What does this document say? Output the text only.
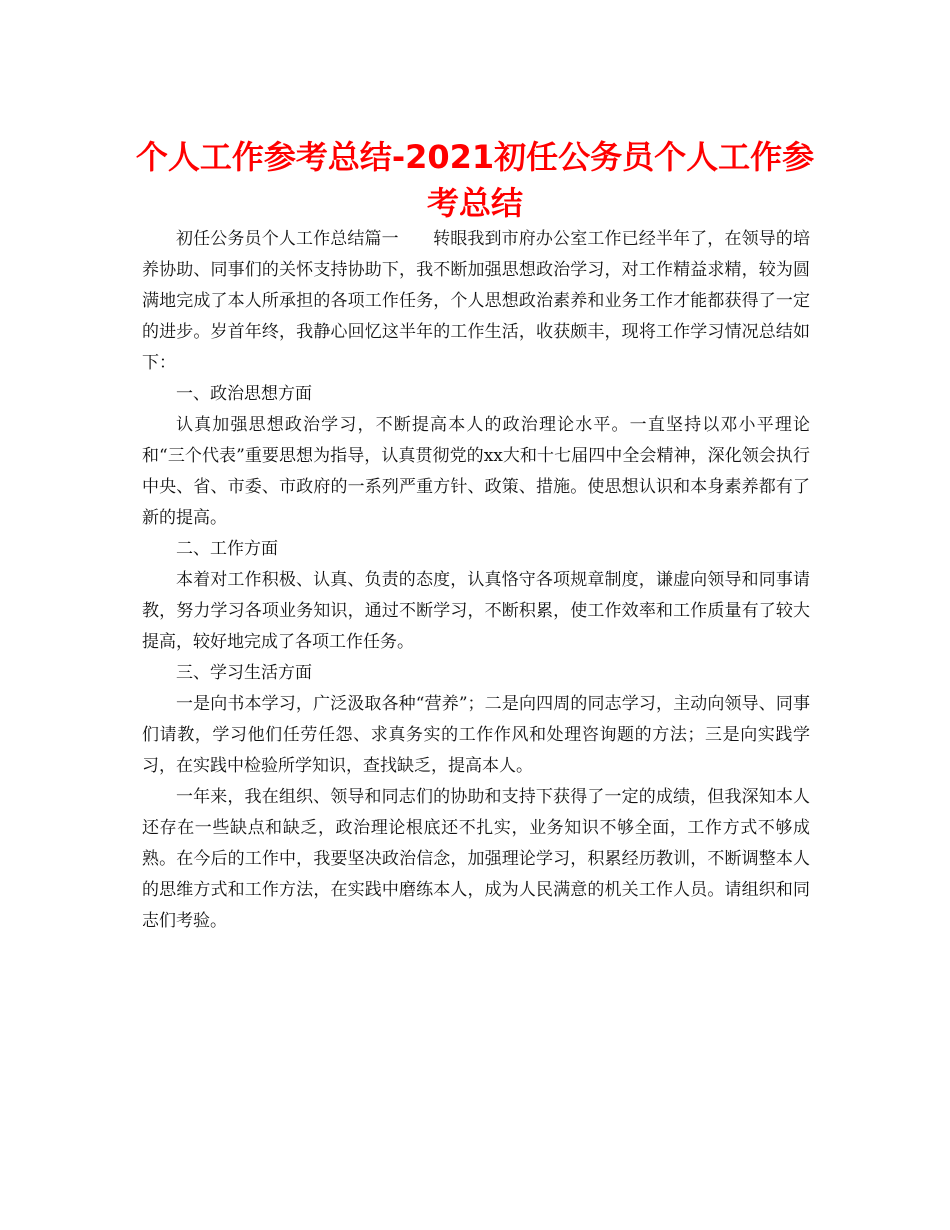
个人工作参考总结-2021初任公务员个人工作参考总结

初任公务员个人工作总结篇一　　转眼我到市府办公室工作已经半年了，在领导的培养协助、同事们的关怀支持协助下，我不断加强思想政治学习，对工作精益求精，较为圆满地完成了本人所承担的各项工作任务，个人思想政治素养和业务工作才能都获得了一定的进步。岁首年终，我静心回忆这半年的工作生活，收获颇丰，现将工作学习情况总结如下：

一、政治思想方面

认真加强思想政治学习，不断提高本人的政治理论水平。一直坚持以邓小平理论和“三个代表”重要思想为指导，认真贯彻党的xx大和十七届四中全会精神，深化领会执行中央、省、市委、市政府的一系列严重方针、政策、措施。使思想认识和本身素养都有了新的提高。

二、工作方面

本着对工作积极、认真、负责的态度，认真恪守各项规章制度，谦虚向领导和同事请教，努力学习各项业务知识，通过不断学习，不断积累，使工作效率和工作质量有了较大提高，较好地完成了各项工作任务。

三、学习生活方面

一是向书本学习，广泛汲取各种“营养”；二是向四周的同志学习，主动向领导、同事们请教，学习他们任劳任怨、求真务实的工作作风和处理咨询题的方法；三是向实践学习，在实践中检验所学知识，查找缺乏，提高本人。

一年来，我在组织、领导和同志们的协助和支持下获得了一定的成绩，但我深知本人还存在一些缺点和缺乏，政治理论根底还不扎实，业务知识不够全面，工作方式不够成熟。在今后的工作中，我要坚决政治信念，加强理论学习，积累经历教训，不断调整本人的思维方式和工作方法，在实践中磨练本人，成为人民满意的机关工作人员。请组织和同志们考验。
